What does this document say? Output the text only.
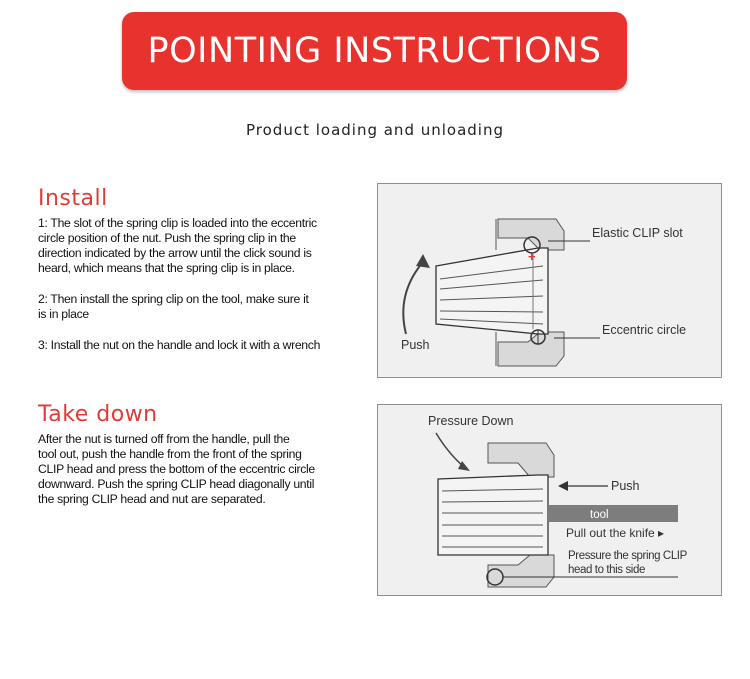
POINTING INSTRUCTIONS
Product loading and unloading
Install
1: The slot of the spring clip is loaded into the eccentric
circle position of the nut. Push the spring clip in the
direction indicated by the arrow until the click sound is
heard, which means that the spring clip is in place.
2: Then install the spring clip on the tool, make sure it
is in place
3: Install the nut on the handle and lock it with a wrench
+
Elastic CLIP slot
Eccentric circle
Push
Take down
After the nut is turned off from the handle, pull the
tool out, push the handle from the front of the spring
CLIP head and press the bottom of the eccentric circle
downward. Push the spring CLIP head diagonally until
the spring CLIP head and nut are separated.
Pressure Down
Push
tool
Pull out the knife ▸
Pressure the spring CLIP
head to this side
